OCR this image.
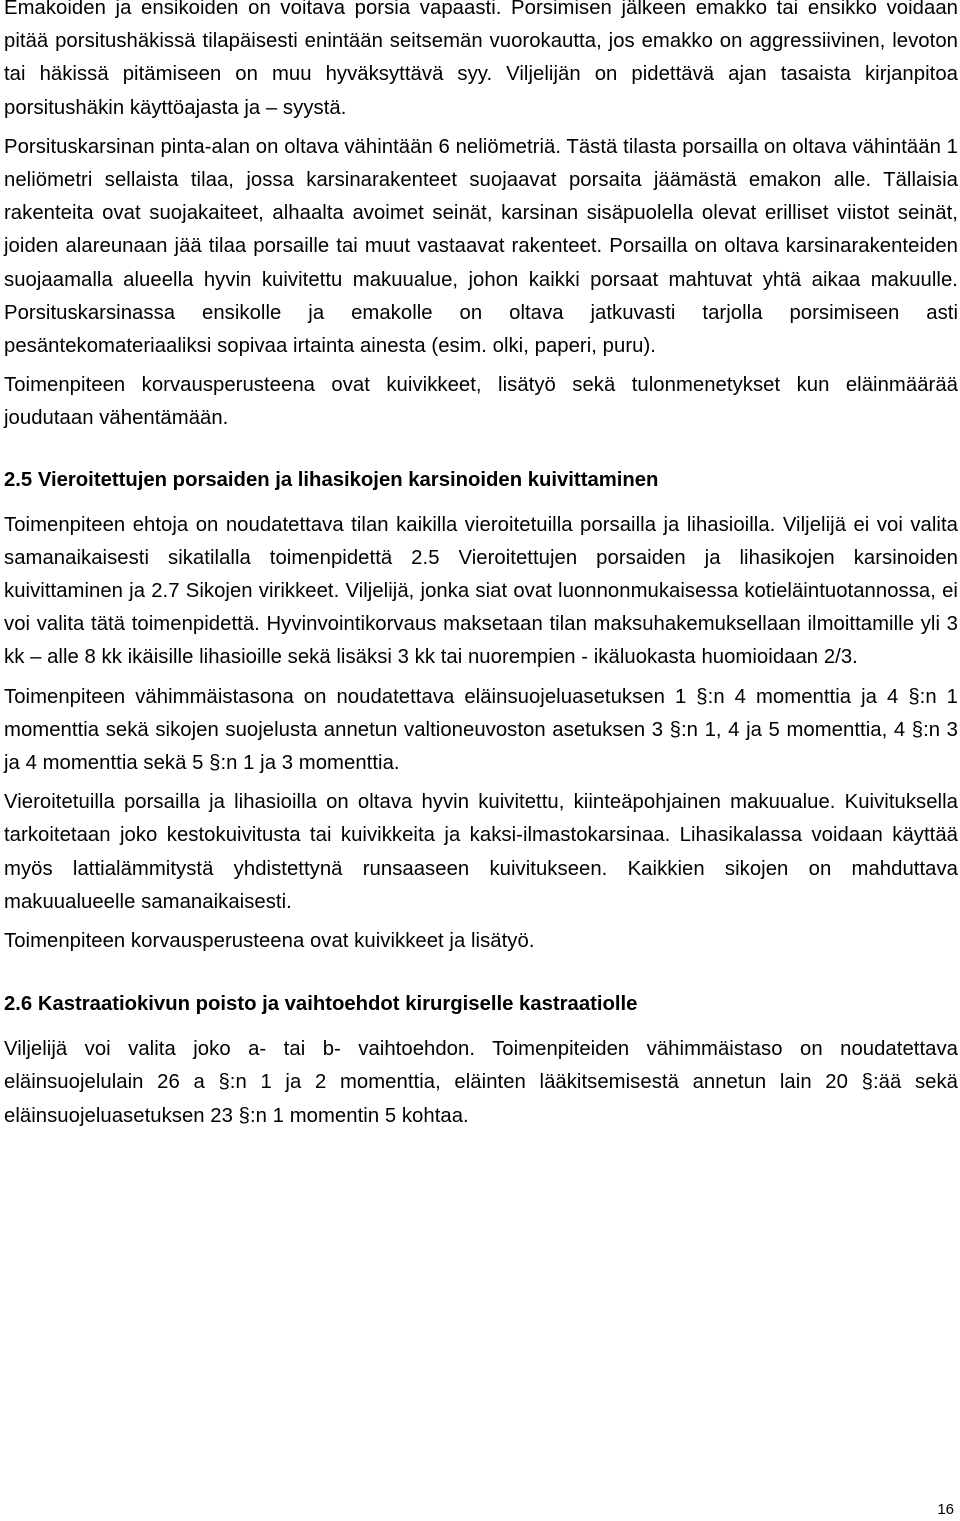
Emakoiden ja ensikoiden on voitava porsia vapaasti. Porsimisen jälkeen emakko tai ensikko voidaan pitää porsitushäkissä tilapäisesti enintään seitsemän vuorokautta, jos emakko on aggressiivinen, levoton tai häkissä pitämiseen on muu hyväksyttävä syy. Viljelijän on pidettävä ajan tasaista kirjanpitoa porsitushäkin käyttöajasta ja – syystä.

Porsituskarsinan pinta-alan on oltava vähintään 6 neliömetriä. Tästä tilasta porsailla on oltava vähintään 1 neliömetri sellaista tilaa, jossa karsinarakenteet suojaavat porsaita jäämästä emakon alle. Tällaisia rakenteita ovat suojakaiteet, alhaalta avoimet seinät, karsinan sisäpuolella olevat erilliset viistot seinät, joiden alareunaan jää tilaa porsaille tai muut vastaavat rakenteet. Porsailla on oltava karsinarakenteiden suojaamalla alueella hyvin kuivitettu makuualue, johon kaikki porsaat mahtuvat yhtä aikaa makuulle. Porsituskarsinassa ensikolle ja emakolle on oltava jatkuvasti tarjolla porsimiseen asti pesäntekomateriaaliksi sopivaa irtainta ainesta (esim. olki, paperi, puru).

Toimenpiteen korvausperusteena ovat kuivikkeet, lisätyö sekä tulonmenetykset kun eläinmäärää joudutaan vähentämään.

2.5 Vieroitettujen porsaiden ja lihasikojen karsinoiden kuivittaminen

Toimenpiteen ehtoja on noudatettava tilan kaikilla vieroitetuilla porsailla ja lihasioilla. Viljelijä ei voi valita samanaikaisesti sikatilalla toimenpidettä 2.5 Vieroitettujen porsaiden ja lihasikojen karsinoiden kuivittaminen ja 2.7 Sikojen virikkeet. Viljelijä, jonka siat ovat luonnonmukaisessa kotieläintuotannossa, ei voi valita tätä toimenpidettä. Hyvinvointikorvaus maksetaan tilan maksuhakemuksellaan ilmoittamille yli 3 kk – alle 8 kk ikäisille lihasioille sekä lisäksi 3 kk tai nuorempien - ikäluokasta huomioidaan 2/3.

Toimenpiteen vähimmäistasona on noudatettava eläinsuojeluasetuksen 1 §:n 4 momenttia ja 4 §:n 1 momenttia sekä sikojen suojelusta annetun valtioneuvoston asetuksen 3 §:n 1, 4 ja 5 momenttia, 4 §:n 3 ja 4 momenttia sekä 5 §:n 1 ja 3 momenttia.

Vieroitetuilla porsailla ja lihasioilla on oltava hyvin kuivitettu, kiinteäpohjainen makuualue. Kuivituksella tarkoitetaan joko kestokuivitusta tai kuivikkeita ja kaksi-ilmastokarsinaa. Lihasikalassa voidaan käyttää myös lattialämmitystä yhdistettynä runsaaseen kuivitukseen. Kaikkien sikojen on mahduttava makuualueelle samanaikaisesti.

Toimenpiteen korvausperusteena ovat kuivikkeet ja lisätyö.

2.6 Kastraatiokivun poisto ja vaihtoehdot kirurgiselle kastraatiolle

Viljelijä voi valita joko a- tai b- vaihtoehdon. Toimenpiteiden vähimmäistaso on noudatettava eläinsuojelulain 26 a §:n 1 ja 2 momenttia, eläinten lääkitsemisestä annetun lain 20 §:ää sekä eläinsuojeluasetuksen 23 §:n 1 momentin 5 kohtaa.

16
